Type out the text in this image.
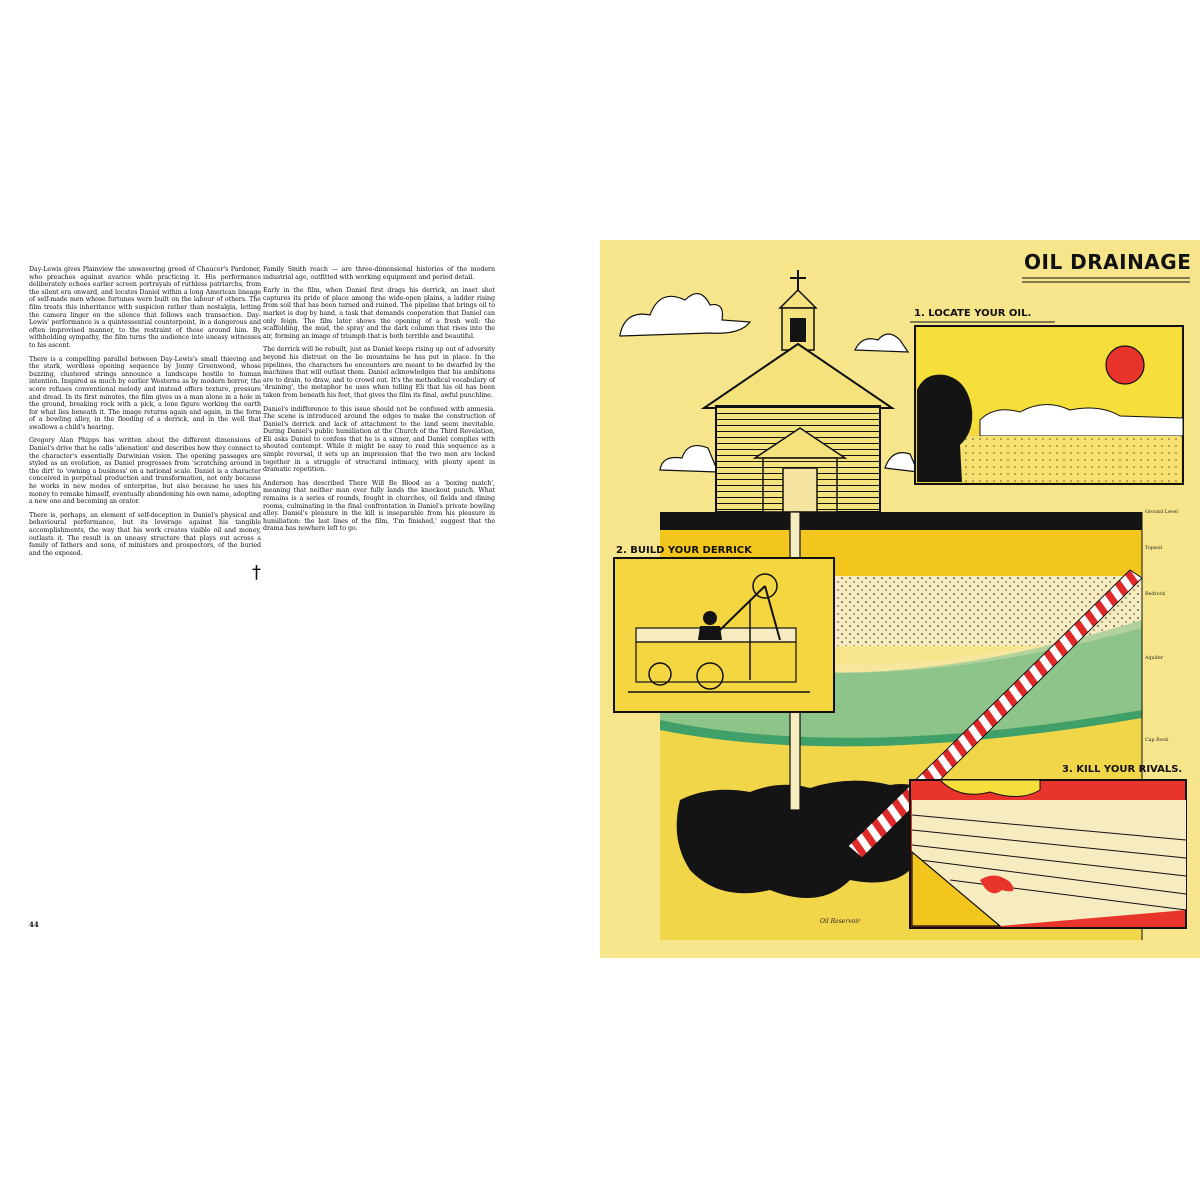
Day-Lewis gives Plainview the unwavering greed of Chaucer's Pardoner, who preaches against avarice while practicing it. His performance deliberately echoes earlier screen portrayals of ruthless patriarchs, from the silent era onward, and locates Daniel within a long American lineage of self-made men whose fortunes were built on the labour of others. The film treats this inheritance with suspicion rather than nostalgia, letting the camera linger on the silence that follows each transaction. Day-Lewis' performance is a quintessential counterpoint, in a dangerous and often improvised manner, to the restraint of those around him. By withholding sympathy, the film turns the audience into uneasy witnesses to his ascent.

There is a compelling parallel between Day-Lewis's small thieving and the stark, wordless opening sequence by Jonny Greenwood, whose buzzing, clustered strings announce a landscape hostile to human intention. Inspired as much by earlier Westerns as by modern horror, the score refuses conventional melody and instead offers texture, pressure and dread. In its first minutes, the film gives us a man alone in a hole in the ground, breaking rock with a pick, a lone figure working the earth for what lies beneath it. The image returns again and again, in the form of a bowling alley, in the flooding of a derrick, and in the well that swallows a child's hearing.

Gregory Alan Phipps has written about the different dimensions of Daniel's drive that he calls 'alienation' and describes how they connect to the character's essentially Darwinian vision. The opening passages are styled as an evolution, as Daniel progresses from 'scratching around in the dirt' to 'owning a business' on a national scale. Daniel is a character conceived in perpetual production and transformation, not only because he works in new modes of enterprise, but also because he uses his money to remake himself, eventually abandoning his own name, adopting a new one and becoming an orator.

There is, perhaps, an element of self-deception in Daniel's physical and behavioural performance, but its leverage against his tangible accomplishments, the way that his work creates visible oil and money, outlasts it. The result is an uneasy structure that plays out across a family of fathers and sons, of ministers and prospectors, of the buried and the exposed.

†

Family Smith reach — are three-dimensional histories of the modern industrial age, outfitted with working equipment and period detail.

Early in the film, when Daniel first drags his derrick, an inset shot captures its pride of place among the wide-open plains, a ladder rising from soil that has been turned and ruined. The pipeline that brings oil to market is dug by hand, a task that demands cooperation that Daniel can only feign. The film later shows the opening of a fresh well: the scaffolding, the mud, the spray and the dark column that rises into the air, forming an image of triumph that is both terrible and beautiful.

The derrick will be rebuilt, just as Daniel keeps rising up out of adversity beyond his distrust on the lie mountains he has put in place. In the pipelines, the characters he encounters are meant to be dwarfed by the machines that will outlast them. Daniel acknowledges that his ambitions are to drain, to draw, and to crowd out. It's the methodical vocabulary of 'draining', the metaphor he uses when telling Eli that his oil has been taken from beneath his feet, that gives the film its final, awful punchline.

Daniel's indifference to this issue should not be confused with amnesia. The scene is introduced around the edges to make the construction of Daniel's derrick and lack of attachment to the land seem inevitable. During Daniel's public humiliation at the Church of the Third Revelation, Eli asks Daniel to confess that he is a sinner, and Daniel complies with shouted contempt. While it might be easy to read this sequence as a simple reversal, it sets up an impression that the two men are locked together in a struggle of structural intimacy, with plenty spent in dramatic repetition.

Anderson has described There Will Be Blood as a 'boxing match', meaning that neither man ever fully lands the knockout punch. What remains is a series of rounds, fought in churches, oil fields and dining rooms, culminating in the final confrontation in Daniel's private bowling alley. Daniel's pleasure in the kill is inseparable from his pleasure in humiliation: the last lines of the film, 'I'm finished,' suggest that the drama has nowhere left to go.

44
OIL DRAINAGE
1. LOCATE YOUR OIL.
2. BUILD YOUR DERRICK
3. KILL YOUR RIVALS.
Ground Level
Topsoil
Bedrock
Aquifer
Cap Rock
Oil Reservoir
